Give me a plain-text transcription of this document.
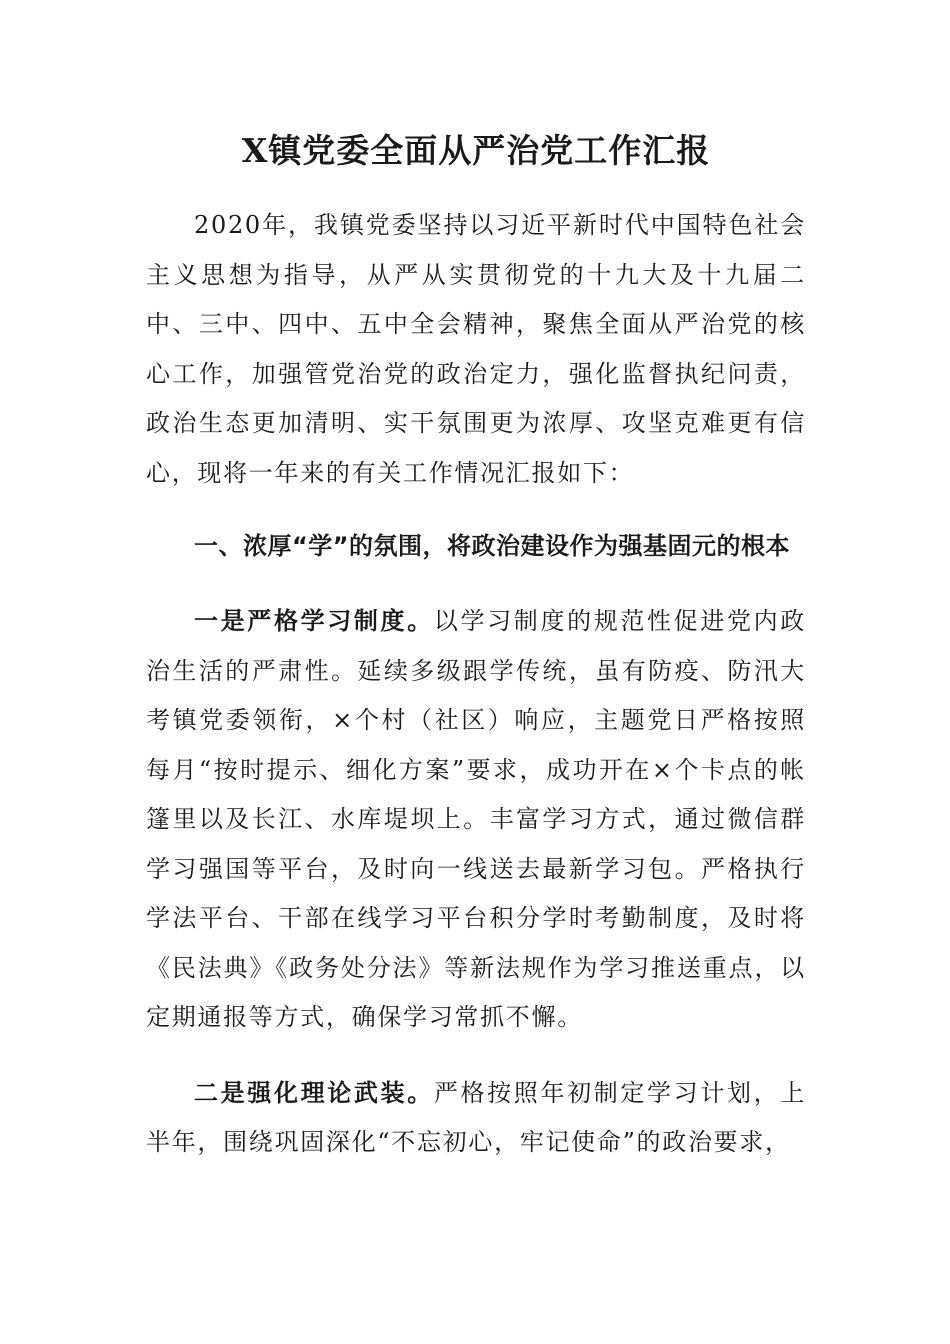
X镇党委全面从严治党工作汇报

2020年，我镇党委坚持以习近平新时代中国特色社会主义思想为指导，从严从实贯彻党的十九大及十九届二中、三中、四中、五中全会精神，聚焦全面从严治党的核心工作，加强管党治党的政治定力，强化监督执纪问责，政治生态更加清明、实干氛围更为浓厚、攻坚克难更有信心，现将一年来的有关工作情况汇报如下：

一、浓厚“学”的氛围，将政治建设作为强基固元的根本

一是严格学习制度。以学习制度的规范性促进党内政治生活的严肃性。延续多级跟学传统，虽有防疫、防汛大考镇党委领衔，×个村（社区）响应，主题党日严格按照每月“按时提示、细化方案”要求，成功开在×个卡点的帐篷里以及长江、水库堤坝上。丰富学习方式，通过微信群学习强国等平台，及时向一线送去最新学习包。严格执行学法平台、干部在线学习平台积分学时考勤制度，及时将《民法典》《政务处分法》等新法规作为学习推送重点，以定期通报等方式，确保学习常抓不懈。

二是强化理论武装。严格按照年初制定学习计划，上半年，围绕巩固深化“不忘初心，牢记使命”的政治要求，
